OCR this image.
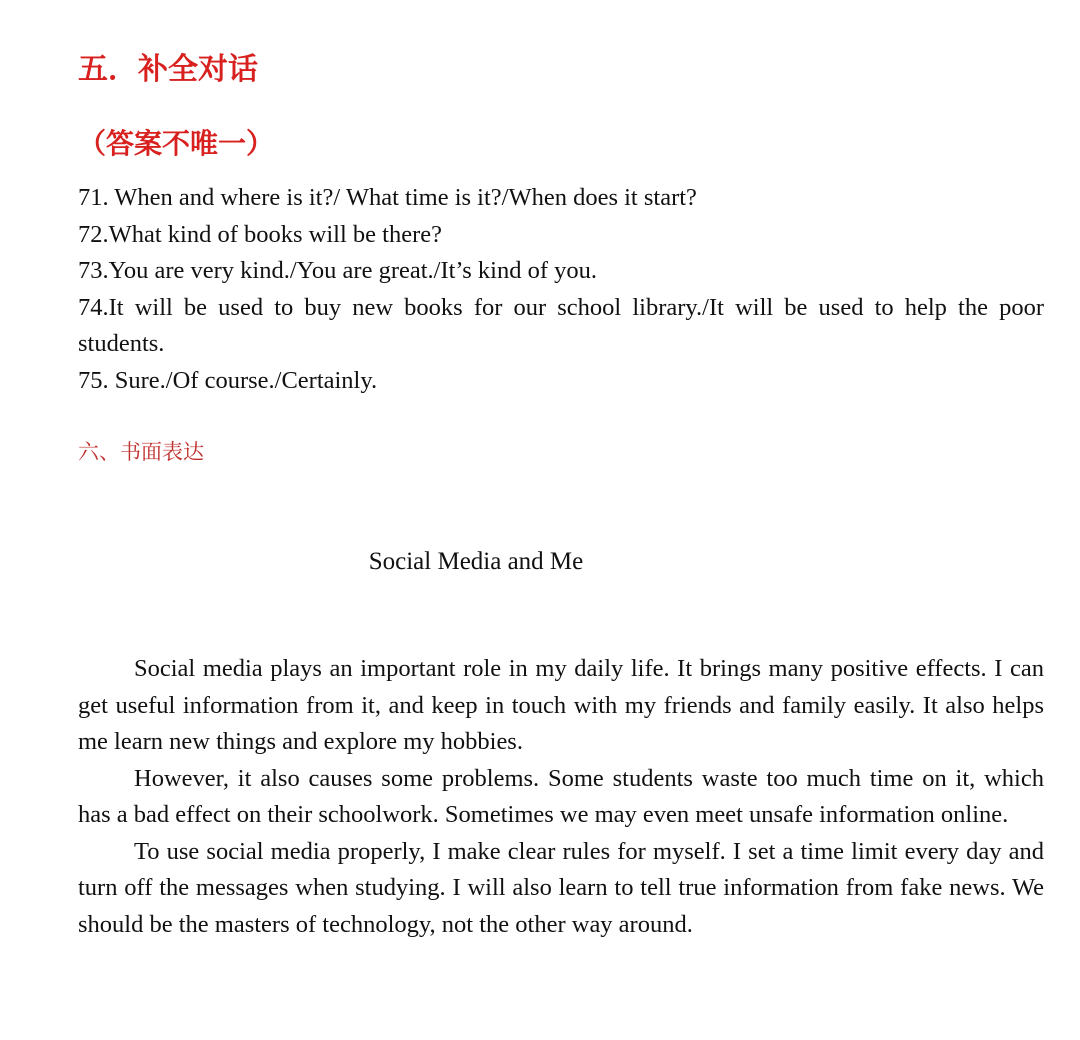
五．补全对话
（答案不唯一）
71. When and where is it?/ What time is it?/When does it start?
72.What kind of books will be there?
73.You are very kind./You are great./It’s kind of you.
74.It will be used to buy new books for our school library./It will be used to help the poor students.
75. Sure./Of course./Certainly.
六、书面表达
Social Media and Me

Social media plays an important role in my daily life. It brings many positive effects. I can get useful information from it, and keep in touch with my friends and family easily. It also helps me learn new things and explore my hobbies.

However, it also causes some problems. Some students waste too much time on it, which has a bad effect on their schoolwork. Sometimes we may even meet unsafe information online.

To use social media properly, I make clear rules for myself. I set a time limit every day and turn off the messages when studying. I will also learn to tell true information from fake news. We should be the masters of technology, not the other way around.
